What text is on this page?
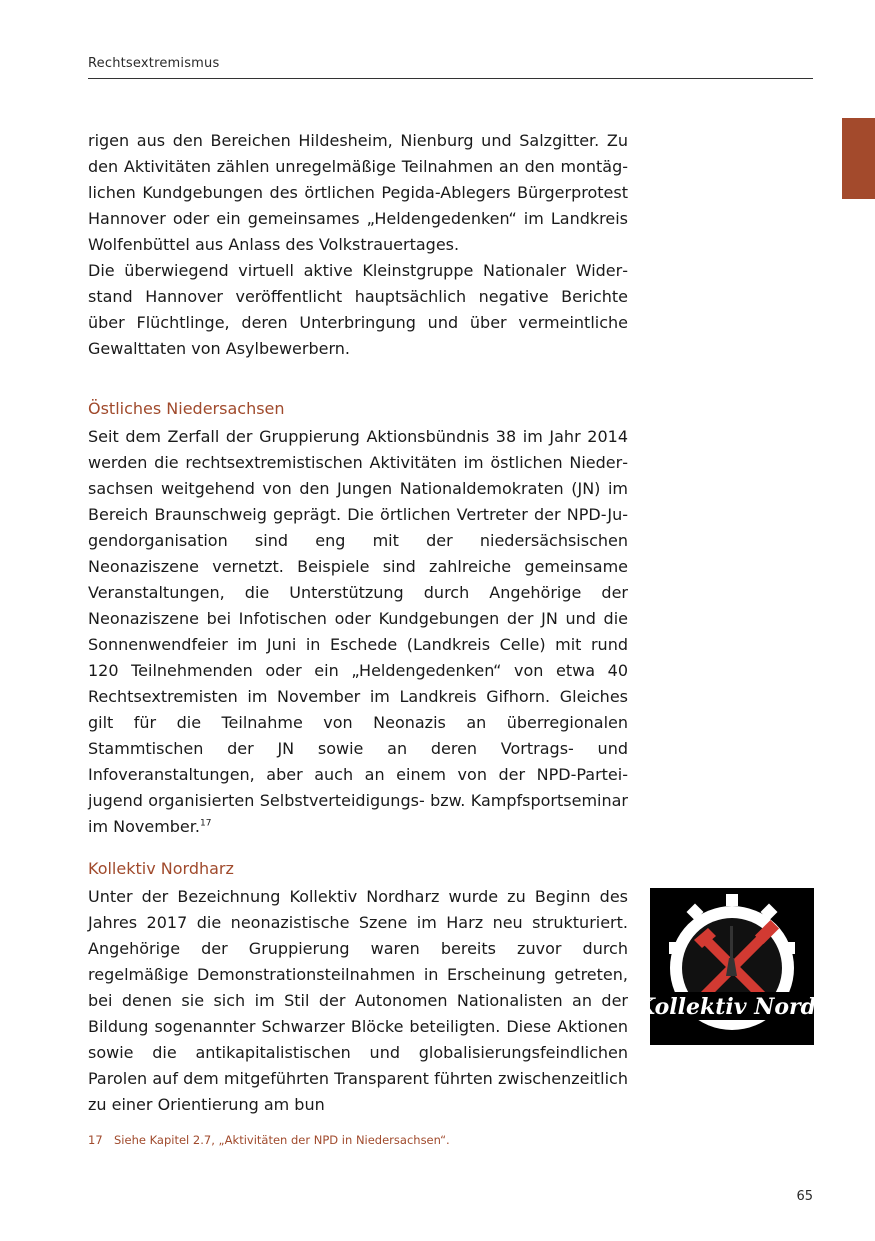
Rechtsextremismus
rigen aus den Bereichen Hildesheim, Nienburg und Salzgitter. Zu den Aktivitäten zählen unregelmäßige Teilnahmen an den montäglichen Kundgebungen des örtlichen Pegida-Ablegers Bürgerprotest Hannover oder ein gemeinsames „Heldengedenken“ im Landkreis Wolfenbüttel aus Anlass des Volkstrauertages.
Die überwiegend virtuell aktive Kleinstgruppe Nationaler Widerstand Hannover veröffentlicht hauptsächlich negative Berichte über Flüchtlinge, deren Unterbringung und über vermeintliche Gewalttaten von Asylbewerbern.
Östliches Niedersachsen

Seit dem Zerfall der Gruppierung Aktionsbündnis 38 im Jahr 2014 werden die rechtsextremistischen Aktivitäten im östlichen Niedersachsen weitgehend von den Jungen Nationaldemokraten (JN) im Bereich Braunschweig geprägt. Die örtlichen Vertreter der NPD-Jugendorganisation sind eng mit der niedersächsischen Neonaziszene vernetzt. Beispiele sind zahlreiche gemeinsame Veranstaltungen, die Unterstützung durch Angehörige der Neonaziszene bei Infotischen oder Kundgebungen der JN und die Sonnenwendfeier im Juni in Eschede (Landkreis Celle) mit rund 120 Teilnehmenden oder ein „Heldengedenken“ von etwa 40 Rechtsextremisten im November im Landkreis Gifhorn. Gleiches gilt für die Teilnahme von Neonazis an überregionalen Stammtischen der JN sowie an deren Vortrags- und Infoveranstaltungen, aber auch an einem von der NPD-Parteijugend organisierten Selbstverteidigungs- bzw. Kampfsportseminar im November.$^{17}$

Kollektiv Nordharz

Unter der Bezeichnung Kollektiv Nordharz wurde zu Beginn des Jahres 2017 die neonazistische Szene im Harz neu strukturiert. Angehörige der Gruppierung waren bereits zuvor durch regelmäßige Demonstrationsteilnahmen in Erscheinung getreten, bei denen sie sich im Stil der Autonomen Nationalisten an der Bildung sogenannter Schwarzer Blöcke beteiligten. Diese Aktionen sowie die antikapitalistischen und globalisierungsfeindlichen Parolen auf dem mitgeführten Transparent führten zwischenzeitlich zu einer Orientierung am bun

Kollektiv Nordharz

17 Siehe Kapitel 2.7, „Aktivitäten der NPD in Niedersachsen“.

65
